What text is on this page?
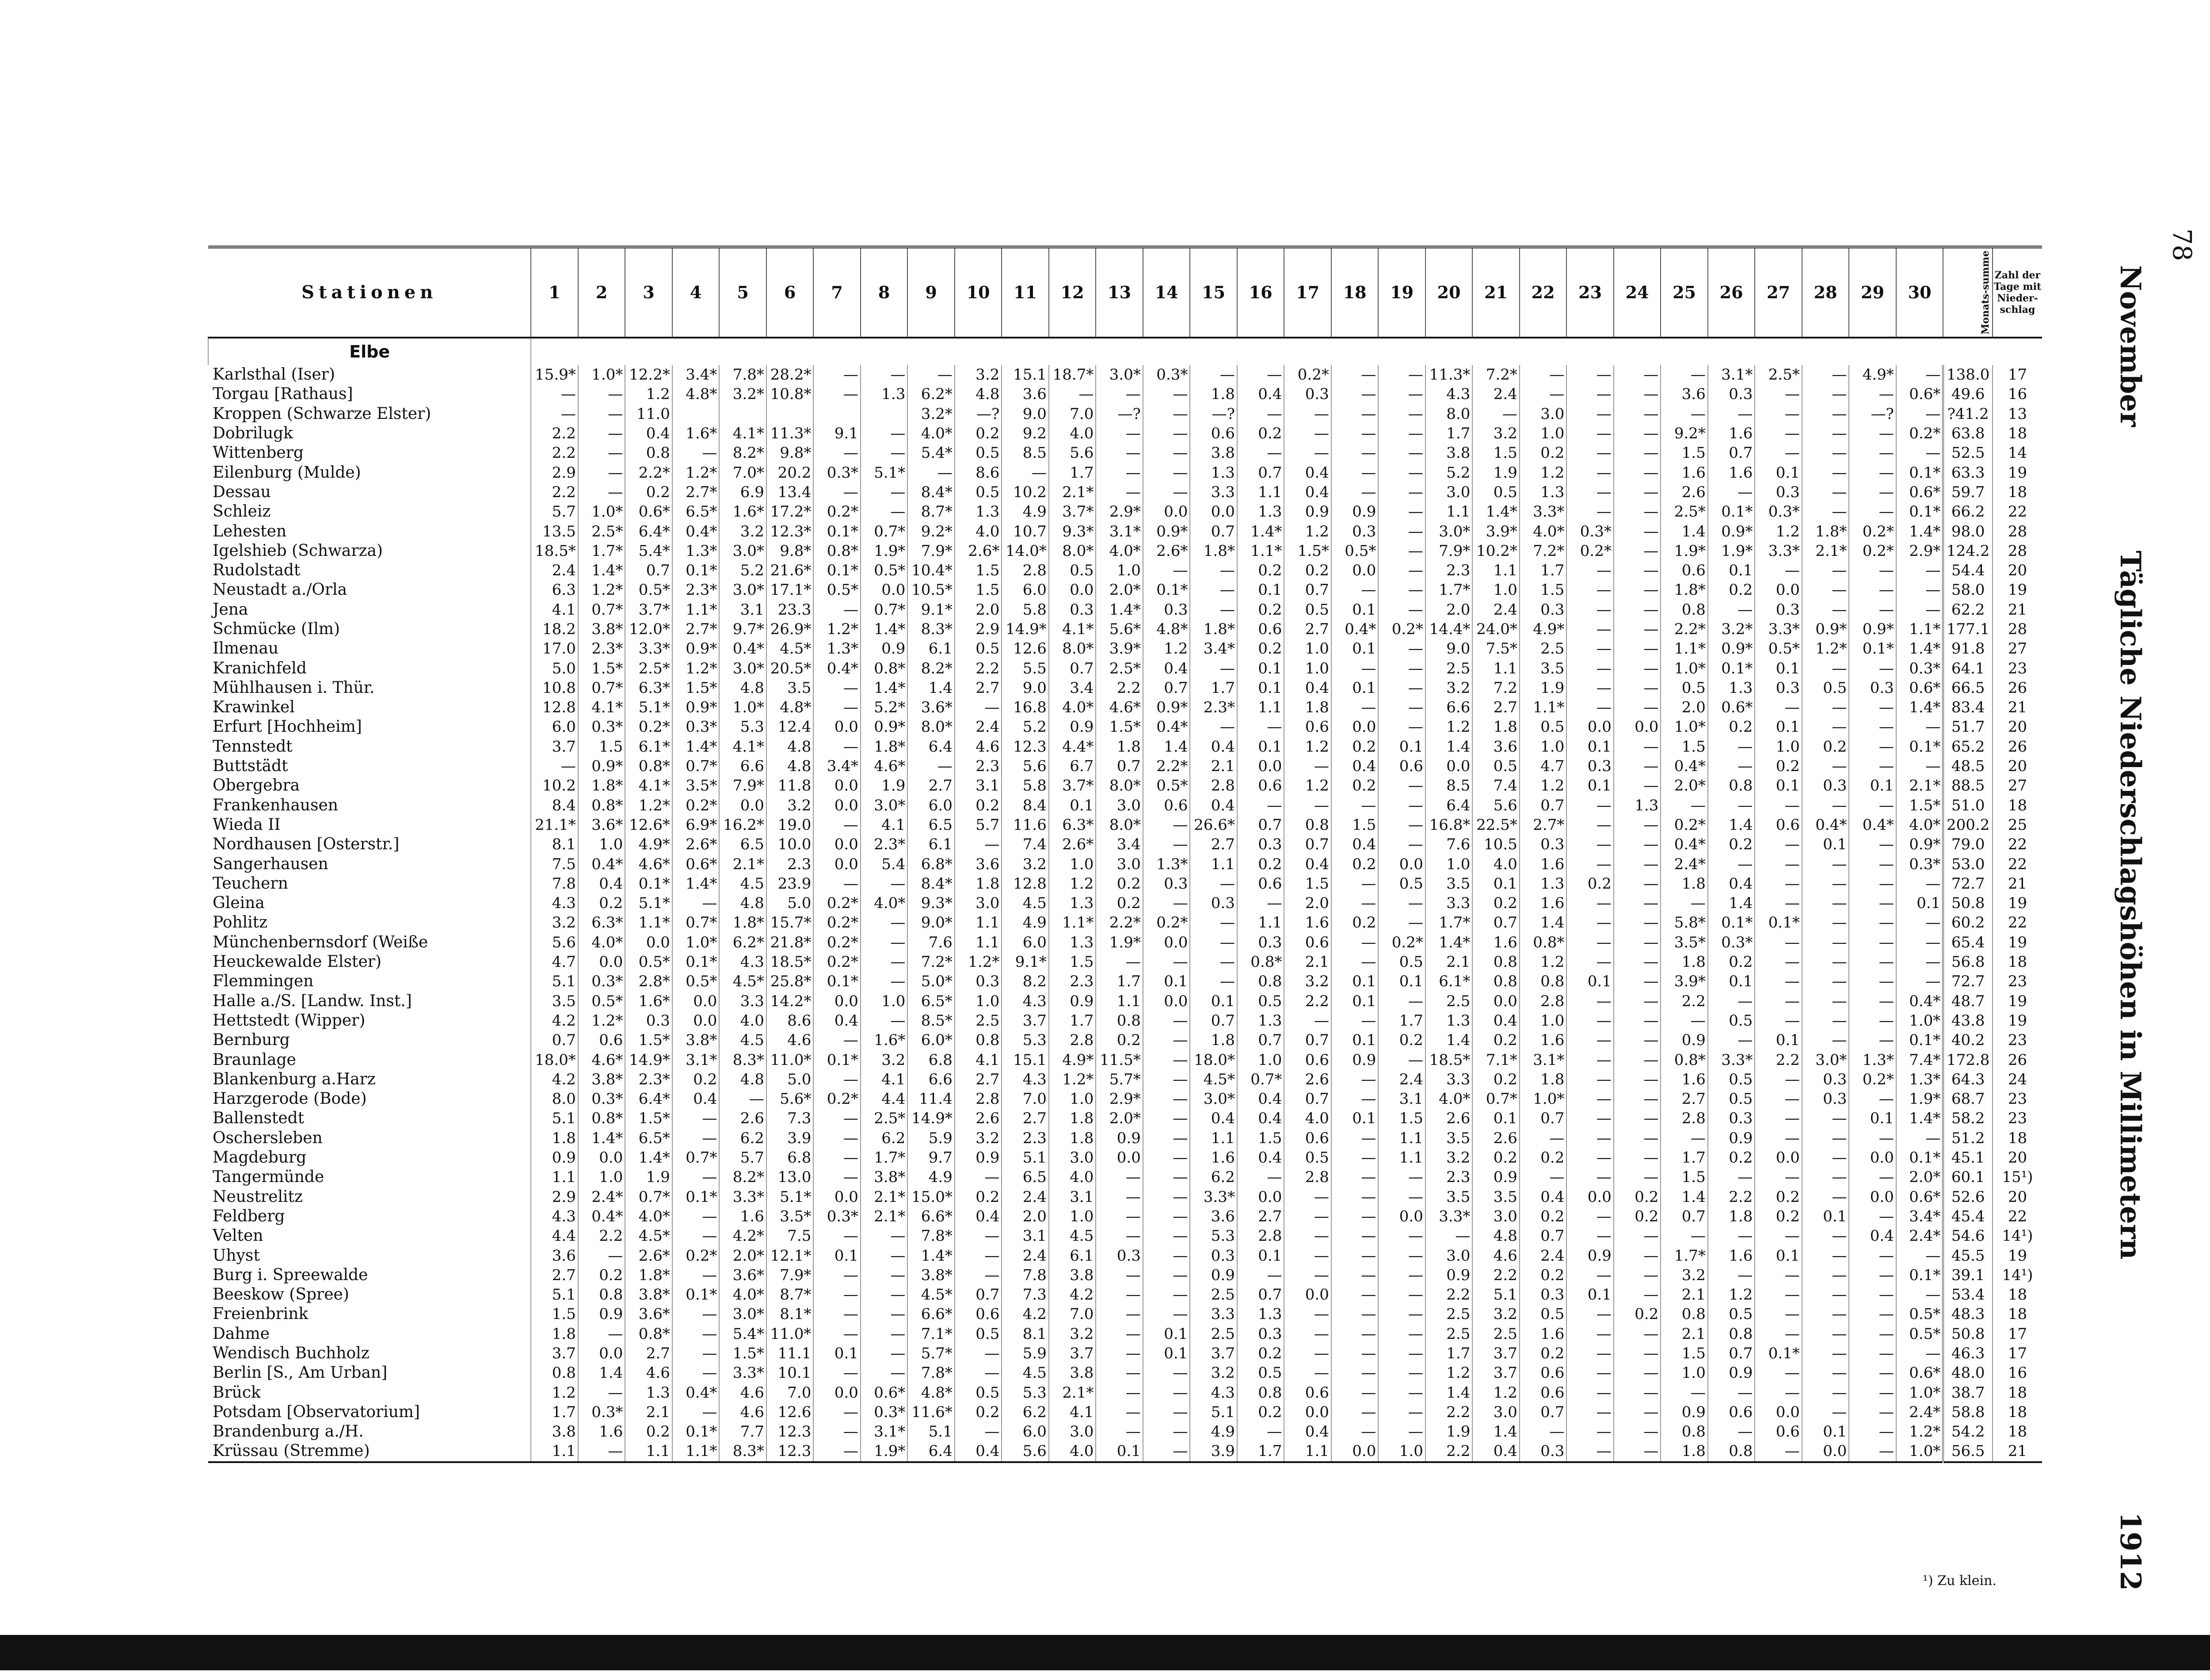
78
November
Tägliche Niederschlagshöhen in Millimetern
1912
Stationen	1	2	3	4	5	6	7	8	9	10	11	12	13	14	15	16	17	18	19	20	21	22	23	24	25	26	27	28	29	30	Monats-summe	Zahl der Tage mit Nieder-schlag
Elbe																																
Karlsthal (Iser)	15.9*	1.0*	12.2*	3.4*	7.8*	28.2*	—	—	—	3.2	15.1	18.7*	3.0*	0.3*	—	—	0.2*	—	—	11.3*	7.2*	—	—	—	—	3.1*	2.5*	—	4.9*	—	138.0	17
Torgau [Rathaus]	—	—	1.2	4.8*	3.2*	10.8*	—	1.3	6.2*	4.8	3.6	—	—	—	1.8	0.4	0.3	—	—	4.3	2.4	—	—	—	3.6	0.3	—	—	—	0.6*	49.6	16
Kroppen (Schwarze Elster)	—	—	11.0						3.2*	—?	9.0	7.0	—?	—	—?	—	—	—	—	8.0	—	3.0	—	—	—	—	—	—	—?	—	?41.2	13
Dobrilugk	2.2	—	0.4	1.6*	4.1*	11.3*	9.1	—	4.0*	0.2	9.2	4.0	—	—	0.6	0.2	—	—	—	1.7	3.2	1.0	—	—	9.2*	1.6	—	—	—	0.2*	63.8	18
Wittenberg	2.2	—	0.8	—	8.2*	9.8*	—	—	5.4*	0.5	8.5	5.6	—	—	3.8	—	—	—	—	3.8	1.5	0.2	—	—	1.5	0.7	—	—	—	—	52.5	14
Eilenburg (Mulde)	2.9	—	2.2*	1.2*	7.0*	20.2	0.3*	5.1*	—	8.6	—	1.7	—	—	1.3	0.7	0.4	—	—	5.2	1.9	1.2	—	—	1.6	1.6	0.1	—	—	0.1*	63.3	19
Dessau	2.2	—	0.2	2.7*	6.9	13.4	—	—	8.4*	0.5	10.2	2.1*	—	—	3.3	1.1	0.4	—	—	3.0	0.5	1.3	—	—	2.6	—	0.3	—	—	0.6*	59.7	18
Schleiz	5.7	1.0*	0.6*	6.5*	1.6*	17.2*	0.2*	—	8.7*	1.3	4.9	3.7*	2.9*	0.0	0.0	1.3	0.9	0.9	—	1.1	1.4*	3.3*	—	—	2.5*	0.1*	0.3*	—	—	0.1*	66.2	22
Lehesten	13.5	2.5*	6.4*	0.4*	3.2	12.3*	0.1*	0.7*	9.2*	4.0	10.7	9.3*	3.1*	0.9*	0.7	1.4*	1.2	0.3	—	3.0*	3.9*	4.0*	0.3*	—	1.4	0.9*	1.2	1.8*	0.2*	1.4*	98.0	28
Igelshieb (Schwarza)	18.5*	1.7*	5.4*	1.3*	3.0*	9.8*	0.8*	1.9*	7.9*	2.6*	14.0*	8.0*	4.0*	2.6*	1.8*	1.1*	1.5*	0.5*	—	7.9*	10.2*	7.2*	0.2*	—	1.9*	1.9*	3.3*	2.1*	0.2*	2.9*	124.2	28
Rudolstadt	2.4	1.4*	0.7	0.1*	5.2	21.6*	0.1*	0.5*	10.4*	1.5	2.8	0.5	1.0	—	—	0.2	0.2	0.0	—	2.3	1.1	1.7	—	—	0.6	0.1	—	—	—	—	54.4	20
Neustadt a./Orla	6.3	1.2*	0.5*	2.3*	3.0*	17.1*	0.5*	0.0	10.5*	1.5	6.0	0.0	2.0*	0.1*	—	0.1	0.7	—	—	1.7*	1.0	1.5	—	—	1.8*	0.2	0.0	—	—	—	58.0	19
Jena	4.1	0.7*	3.7*	1.1*	3.1	23.3	—	0.7*	9.1*	2.0	5.8	0.3	1.4*	0.3	—	0.2	0.5	0.1	—	2.0	2.4	0.3	—	—	0.8	—	0.3	—	—	—	62.2	21
Schmücke (Ilm)	18.2	3.8*	12.0*	2.7*	9.7*	26.9*	1.2*	1.4*	8.3*	2.9	14.9*	4.1*	5.6*	4.8*	1.8*	0.6	2.7	0.4*	0.2*	14.4*	24.0*	4.9*	—	—	2.2*	3.2*	3.3*	0.9*	0.9*	1.1*	177.1	28
Ilmenau	17.0	2.3*	3.3*	0.9*	0.4*	4.5*	1.3*	0.9	6.1	0.5	12.6	8.0*	3.9*	1.2	3.4*	0.2	1.0	0.1	—	9.0	7.5*	2.5	—	—	1.1*	0.9*	0.5*	1.2*	0.1*	1.4*	91.8	27
Kranichfeld	5.0	1.5*	2.5*	1.2*	3.0*	20.5*	0.4*	0.8*	8.2*	2.2	5.5	0.7	2.5*	0.4	—	0.1	1.0	—	—	2.5	1.1	3.5	—	—	1.0*	0.1*	0.1	—	—	0.3*	64.1	23
Mühlhausen i. Thür.	10.8	0.7*	6.3*	1.5*	4.8	3.5	—	1.4*	1.4	2.7	9.0	3.4	2.2	0.7	1.7	0.1	0.4	0.1	—	3.2	7.2	1.9	—	—	0.5	1.3	0.3	0.5	0.3	0.6*	66.5	26
Krawinkel	12.8	4.1*	5.1*	0.9*	1.0*	4.8*	—	5.2*	3.6*	—	16.8	4.0*	4.6*	0.9*	2.3*	1.1	1.8	—	—	6.6	2.7	1.1*	—	—	2.0	0.6*	—	—	—	1.4*	83.4	21
Erfurt [Hochheim]	6.0	0.3*	0.2*	0.3*	5.3	12.4	0.0	0.9*	8.0*	2.4	5.2	0.9	1.5*	0.4*	—	—	0.6	0.0	—	1.2	1.8	0.5	0.0	0.0	1.0*	0.2	0.1	—	—	—	51.7	20
Tennstedt	3.7	1.5	6.1*	1.4*	4.1*	4.8	—	1.8*	6.4	4.6	12.3	4.4*	1.8	1.4	0.4	0.1	1.2	0.2	0.1	1.4	3.6	1.0	0.1	—	1.5	—	1.0	0.2	—	0.1*	65.2	26
Buttstädt	—	0.9*	0.8*	0.7*	6.6	4.8	3.4*	4.6*	—	2.3	5.6	6.7	0.7	2.2*	2.1	0.0	—	0.4	0.6	0.0	0.5	4.7	0.3	—	0.4*	—	0.2	—	—	—	48.5	20
Obergebra	10.2	1.8*	4.1*	3.5*	7.9*	11.8	0.0	1.9	2.7	3.1	5.8	3.7*	8.0*	0.5*	2.8	0.6	1.2	0.2	—	8.5	7.4	1.2	0.1	—	2.0*	0.8	0.1	0.3	0.1	2.1*	88.5	27
Frankenhausen	8.4	0.8*	1.2*	0.2*	0.0	3.2	0.0	3.0*	6.0	0.2	8.4	0.1	3.0	0.6	0.4	—	—	—	—	6.4	5.6	0.7	—	1.3	—	—	—	—	—	1.5*	51.0	18
Wieda II	21.1*	3.6*	12.6*	6.9*	16.2*	19.0	—	4.1	6.5	5.7	11.6	6.3*	8.0*	—	26.6*	0.7	0.8	1.5	—	16.8*	22.5*	2.7*	—	—	0.2*	1.4	0.6	0.4*	0.4*	4.0*	200.2	25
Nordhausen [Osterstr.]	8.1	1.0	4.9*	2.6*	6.5	10.0	0.0	2.3*	6.1	—	7.4	2.6*	3.4	—	2.7	0.3	0.7	0.4	—	7.6	10.5	0.3	—	—	0.4*	0.2	—	0.1	—	0.9*	79.0	22
Sangerhausen	7.5	0.4*	4.6*	0.6*	2.1*	2.3	0.0	5.4	6.8*	3.6	3.2	1.0	3.0	1.3*	1.1	0.2	0.4	0.2	0.0	1.0	4.0	1.6	—	—	2.4*	—	—	—	—	0.3*	53.0	22
Teuchern	7.8	0.4	0.1*	1.4*	4.5	23.9	—	—	8.4*	1.8	12.8	1.2	0.2	0.3	—	0.6	1.5	—	0.5	3.5	0.1	1.3	0.2	—	1.8	0.4	—	—	—	—	72.7	21
Gleina	4.3	0.2	5.1*	—	4.8	5.0	0.2*	4.0*	9.3*	3.0	4.5	1.3	0.2	—	0.3	—	2.0	—	—	3.3	0.2	1.6	—	—	—	1.4	—	—	—	0.1	50.8	19
Pohlitz	3.2	6.3*	1.1*	0.7*	1.8*	15.7*	0.2*	—	9.0*	1.1	4.9	1.1*	2.2*	0.2*	—	1.1	1.6	0.2	—	1.7*	0.7	1.4	—	—	5.8*	0.1*	0.1*	—	—	—	60.2	22
Münchenbernsdorf (Weiße	5.6	4.0*	0.0	1.0*	6.2*	21.8*	0.2*	—	7.6	1.1	6.0	1.3	1.9*	0.0	—	0.3	0.6	—	0.2*	1.4*	1.6	0.8*	—	—	3.5*	0.3*	—	—	—	—	65.4	19
Heuckewalde Elster)	4.7	0.0	0.5*	0.1*	4.3	18.5*	0.2*	—	7.2*	1.2*	9.1*	1.5	—	—	—	0.8*	2.1	—	0.5	2.1	0.8	1.2	—	—	1.8	0.2	—	—	—	—	56.8	18
Flemmingen	5.1	0.3*	2.8*	0.5*	4.5*	25.8*	0.1*	—	5.0*	0.3	8.2	2.3	1.7	0.1	—	0.8	3.2	0.1	0.1	6.1*	0.8	0.8	0.1	—	3.9*	0.1	—	—	—	—	72.7	23
Halle a./S. [Landw. Inst.]	3.5	0.5*	1.6*	0.0	3.3	14.2*	0.0	1.0	6.5*	1.0	4.3	0.9	1.1	0.0	0.1	0.5	2.2	0.1	—	2.5	0.0	2.8	—	—	2.2	—	—	—	—	0.4*	48.7	19
Hettstedt (Wipper)	4.2	1.2*	0.3	0.0	4.0	8.6	0.4	—	8.5*	2.5	3.7	1.7	0.8	—	0.7	1.3	—	—	1.7	1.3	0.4	1.0	—	—	—	0.5	—	—	—	1.0*	43.8	19
Bernburg	0.7	0.6	1.5*	3.8*	4.5	4.6	—	1.6*	6.0*	0.8	5.3	2.8	0.2	—	1.8	0.7	0.7	0.1	0.2	1.4	0.2	1.6	—	—	0.9	—	0.1	—	—	0.1*	40.2	23
Braunlage	18.0*	4.6*	14.9*	3.1*	8.3*	11.0*	0.1*	3.2	6.8	4.1	15.1	4.9*	11.5*	—	18.0*	1.0	0.6	0.9	—	18.5*	7.1*	3.1*	—	—	0.8*	3.3*	2.2	3.0*	1.3*	7.4*	172.8	26
Blankenburg a.Harz	4.2	3.8*	2.3*	0.2	4.8	5.0	—	4.1	6.6	2.7	4.3	1.2*	5.7*	—	4.5*	0.7*	2.6	—	2.4	3.3	0.2	1.8	—	—	1.6	0.5	—	0.3	0.2*	1.3*	64.3	24
Harzgerode (Bode)	8.0	0.3*	6.4*	0.4	—	5.6*	0.2*	4.4	11.4	2.8	7.0	1.0	2.9*	—	3.0*	0.4	0.7	—	3.1	4.0*	0.7*	1.0*	—	—	2.7	0.5	—	0.3	—	1.9*	68.7	23
Ballenstedt	5.1	0.8*	1.5*	—	2.6	7.3	—	2.5*	14.9*	2.6	2.7	1.8	2.0*	—	0.4	0.4	4.0	0.1	1.5	2.6	0.1	0.7	—	—	2.8	0.3	—	—	0.1	1.4*	58.2	23
Oschersleben	1.8	1.4*	6.5*	—	6.2	3.9	—	6.2	5.9	3.2	2.3	1.8	0.9	—	1.1	1.5	0.6	—	1.1	3.5	2.6	—	—	—	—	0.9	—	—	—	—	51.2	18
Magdeburg	0.9	0.0	1.4*	0.7*	5.7	6.8	—	1.7*	9.7	0.9	5.1	3.0	0.0	—	1.6	0.4	0.5	—	1.1	3.2	0.2	0.2	—	—	1.7	0.2	0.0	—	0.0	0.1*	45.1	20
Tangermünde	1.1	1.0	1.9	—	8.2*	13.0	—	3.8*	4.9	—	6.5	4.0	—	—	6.2	—	2.8	—	—	2.3	0.9	—	—	—	1.5	—	—	—	—	2.0*	60.1	15¹)
Neustrelitz	2.9	2.4*	0.7*	0.1*	3.3*	5.1*	0.0	2.1*	15.0*	0.2	2.4	3.1	—	—	3.3*	0.0	—	—	—	3.5	3.5	0.4	0.0	0.2	1.4	2.2	0.2	—	0.0	0.6*	52.6	20
Feldberg	4.3	0.4*	4.0*	—	1.6	3.5*	0.3*	2.1*	6.6*	0.4	2.0	1.0	—	—	3.6	2.7	—	—	0.0	3.3*	3.0	0.2	—	0.2	0.7	1.8	0.2	0.1	—	3.4*	45.4	22
Velten	4.4	2.2	4.5*	—	4.2*	7.5	—	—	7.8*	—	3.1	4.5	—	—	5.3	2.8	—	—	—	—	4.8	0.7	—	—	—	—	—	—	0.4	2.4*	54.6	14¹)
Uhyst	3.6	—	2.6*	0.2*	2.0*	12.1*	0.1	—	1.4*	—	2.4	6.1	0.3	—	0.3	0.1	—	—	—	3.0	4.6	2.4	0.9	—	1.7*	1.6	0.1	—	—	—	45.5	19
Burg i. Spreewalde	2.7	0.2	1.8*	—	3.6*	7.9*	—	—	3.8*	—	7.8	3.8	—	—	0.9	—	—	—	—	0.9	2.2	0.2	—	—	3.2	—	—	—	—	0.1*	39.1	14¹)
Beeskow (Spree)	5.1	0.8	3.8*	0.1*	4.0*	8.7*	—	—	4.5*	0.7	7.3	4.2	—	—	2.5	0.7	0.0	—	—	2.2	5.1	0.3	0.1	—	2.1	1.2	—	—	—	—	53.4	18
Freienbrink	1.5	0.9	3.6*	—	3.0*	8.1*	—	—	6.6*	0.6	4.2	7.0	—	—	3.3	1.3	—	—	—	2.5	3.2	0.5	—	0.2	0.8	0.5	—	—	—	0.5*	48.3	18
Dahme	1.8	—	0.8*	—	5.4*	11.0*	—	—	7.1*	0.5	8.1	3.2	—	0.1	2.5	0.3	—	—	—	2.5	2.5	1.6	—	—	2.1	0.8	—	—	—	0.5*	50.8	17
Wendisch Buchholz	3.7	0.0	2.7	—	1.5*	11.1	0.1	—	5.7*	—	5.9	3.7	—	0.1	3.7	0.2	—	—	—	1.7	3.7	0.2	—	—	1.5	0.7	0.1*	—	—	—	46.3	17
Berlin [S., Am Urban]	0.8	1.4	4.6	—	3.3*	10.1	—	—	7.8*	—	4.5	3.8	—	—	3.2	0.5	—	—	—	1.2	3.7	0.6	—	—	1.0	0.9	—	—	—	0.6*	48.0	16
Brück	1.2	—	1.3	0.4*	4.6	7.0	0.0	0.6*	4.8*	0.5	5.3	2.1*	—	—	4.3	0.8	0.6	—	—	1.4	1.2	0.6	—	—	—	—	—	—	—	1.0*	38.7	18
Potsdam [Observatorium]	1.7	0.3*	2.1	—	4.6	12.6	—	0.3*	11.6*	0.2	6.2	4.1	—	—	5.1	0.2	0.0	—	—	2.2	3.0	0.7	—	—	0.9	0.6	0.0	—	—	2.4*	58.8	18
Brandenburg a./H.	3.8	1.6	0.2	0.1*	7.7	12.3	—	3.1*	5.1	—	6.0	3.0	—	—	4.9	—	0.4	—	—	1.9	1.4	—	—	—	0.8	—	0.6	0.1	—	1.2*	54.2	18
Krüssau (Stremme)	1.1	—	1.1	1.1*	8.3*	12.3	—	1.9*	6.4	0.4	5.6	4.0	0.1	—	3.9	1.7	1.1	0.0	1.0	2.2	0.4	0.3	—	—	1.8	0.8	—	0.0	—	1.0*	56.5	21
¹) Zu klein.
